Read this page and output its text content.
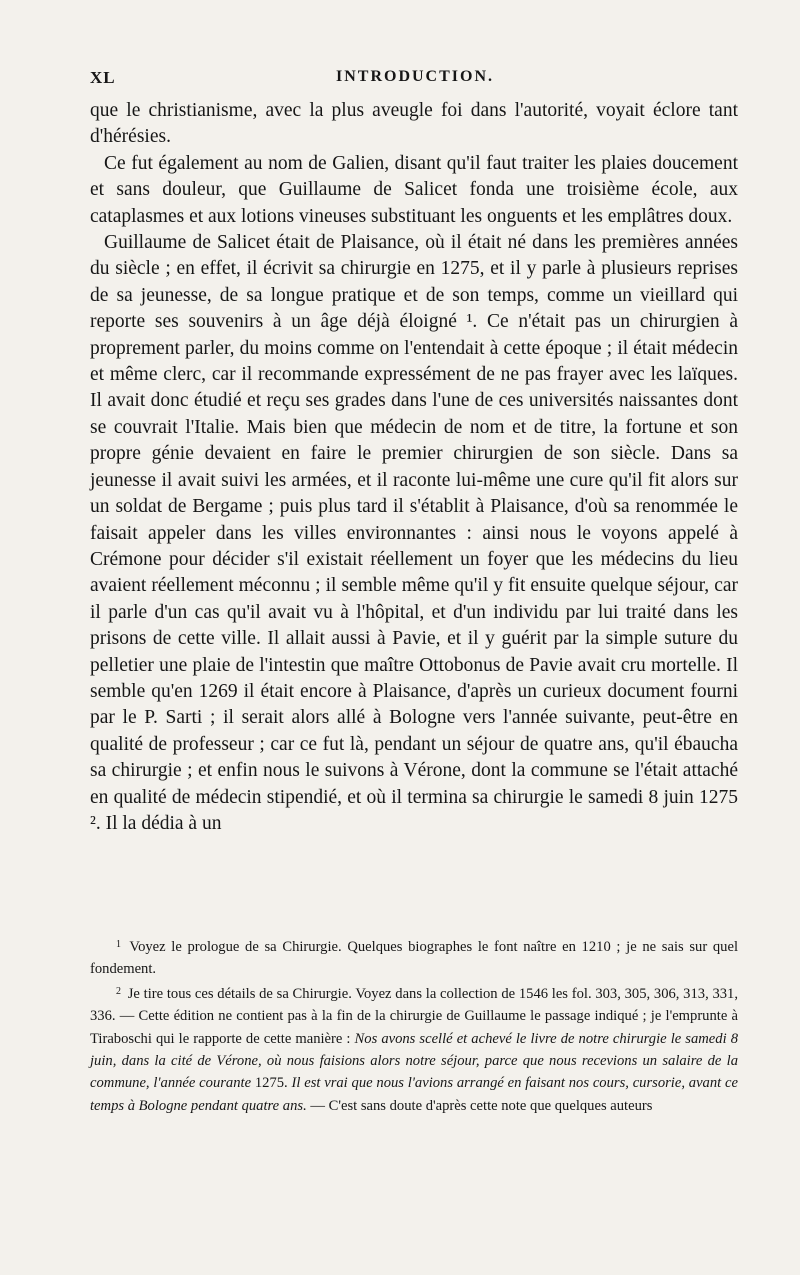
XL	INTRODUCTION.

que le christianisme, avec la plus aveugle foi dans l'autorité, voyait éclore tant d'hérésies.

Ce fut également au nom de Galien, disant qu'il faut traiter les plaies doucement et sans douleur, que Guillaume de Salicet fonda une troisième école, aux cataplasmes et aux lotions vineuses substituant les onguents et les emplâtres doux.

Guillaume de Salicet était de Plaisance, où il était né dans les premières années du siècle ; en effet, il écrivit sa chirurgie en 1275, et il y parle à plusieurs reprises de sa jeunesse, de sa longue pratique et de son temps, comme un vieillard qui reporte ses souvenirs à un âge déjà éloigné ¹. Ce n'était pas un chirurgien à proprement parler, du moins comme on l'entendait à cette époque ; il était médecin et même clerc, car il recommande expressément de ne pas frayer avec les laïques. Il avait donc étudié et reçu ses grades dans l'une de ces universités naissantes dont se couvrait l'Italie. Mais bien que médecin de nom et de titre, la fortune et son propre génie devaient en faire le premier chirurgien de son siècle. Dans sa jeunesse il avait suivi les armées, et il raconte lui-même une cure qu'il fit alors sur un soldat de Bergame ; puis plus tard il s'établit à Plaisance, d'où sa renommée le faisait appeler dans les villes environnantes : ainsi nous le voyons appelé à Crémone pour décider s'il existait réellement un foyer que les médecins du lieu avaient réellement méconnu ; il semble même qu'il y fit ensuite quelque séjour, car il parle d'un cas qu'il avait vu à l'hôpital, et d'un individu par lui traité dans les prisons de cette ville. Il allait aussi à Pavie, et il y guérit par la simple suture du pelletier une plaie de l'intestin que maître Ottobonus de Pavie avait cru mortelle. Il semble qu'en 1269 il était encore à Plaisance, d'après un curieux document fourni par le P. Sarti ; il serait alors allé à Bologne vers l'année suivante, peut-être en qualité de professeur ; car ce fut là, pendant un séjour de quatre ans, qu'il ébaucha sa chirurgie ; et enfin nous le suivons à Vérone, dont la commune se l'était attaché en qualité de médecin stipendié, et où il termina sa chirurgie le samedi 8 juin 1275 ². Il la dédia à un

$^1$ Voyez le prologue de sa Chirurgie. Quelques biographes le font naître en 1210 ; je ne sais sur quel fondement.

$^2$ Je tire tous ces détails de sa Chirurgie. Voyez dans la collection de 1546 les fol. 303, 305, 306, 313, 331, 336. — Cette édition ne contient pas à la fin de la chirurgie de Guillaume le passage indiqué ; je l'emprunte à Tiraboschi qui le rapporte de cette manière : Nos avons scellé et achevé le livre de notre chirurgie le samedi 8 juin, dans la cité de Vérone, où nous faisions alors notre séjour, parce que nous recevions un salaire de la commune, l'année courante 1275. Il est vrai que nous l'avions arrangé en faisant nos cours, cursorie, avant ce temps à Bologne pendant quatre ans. — C'est sans doute d'après cette note que quelques auteurs
